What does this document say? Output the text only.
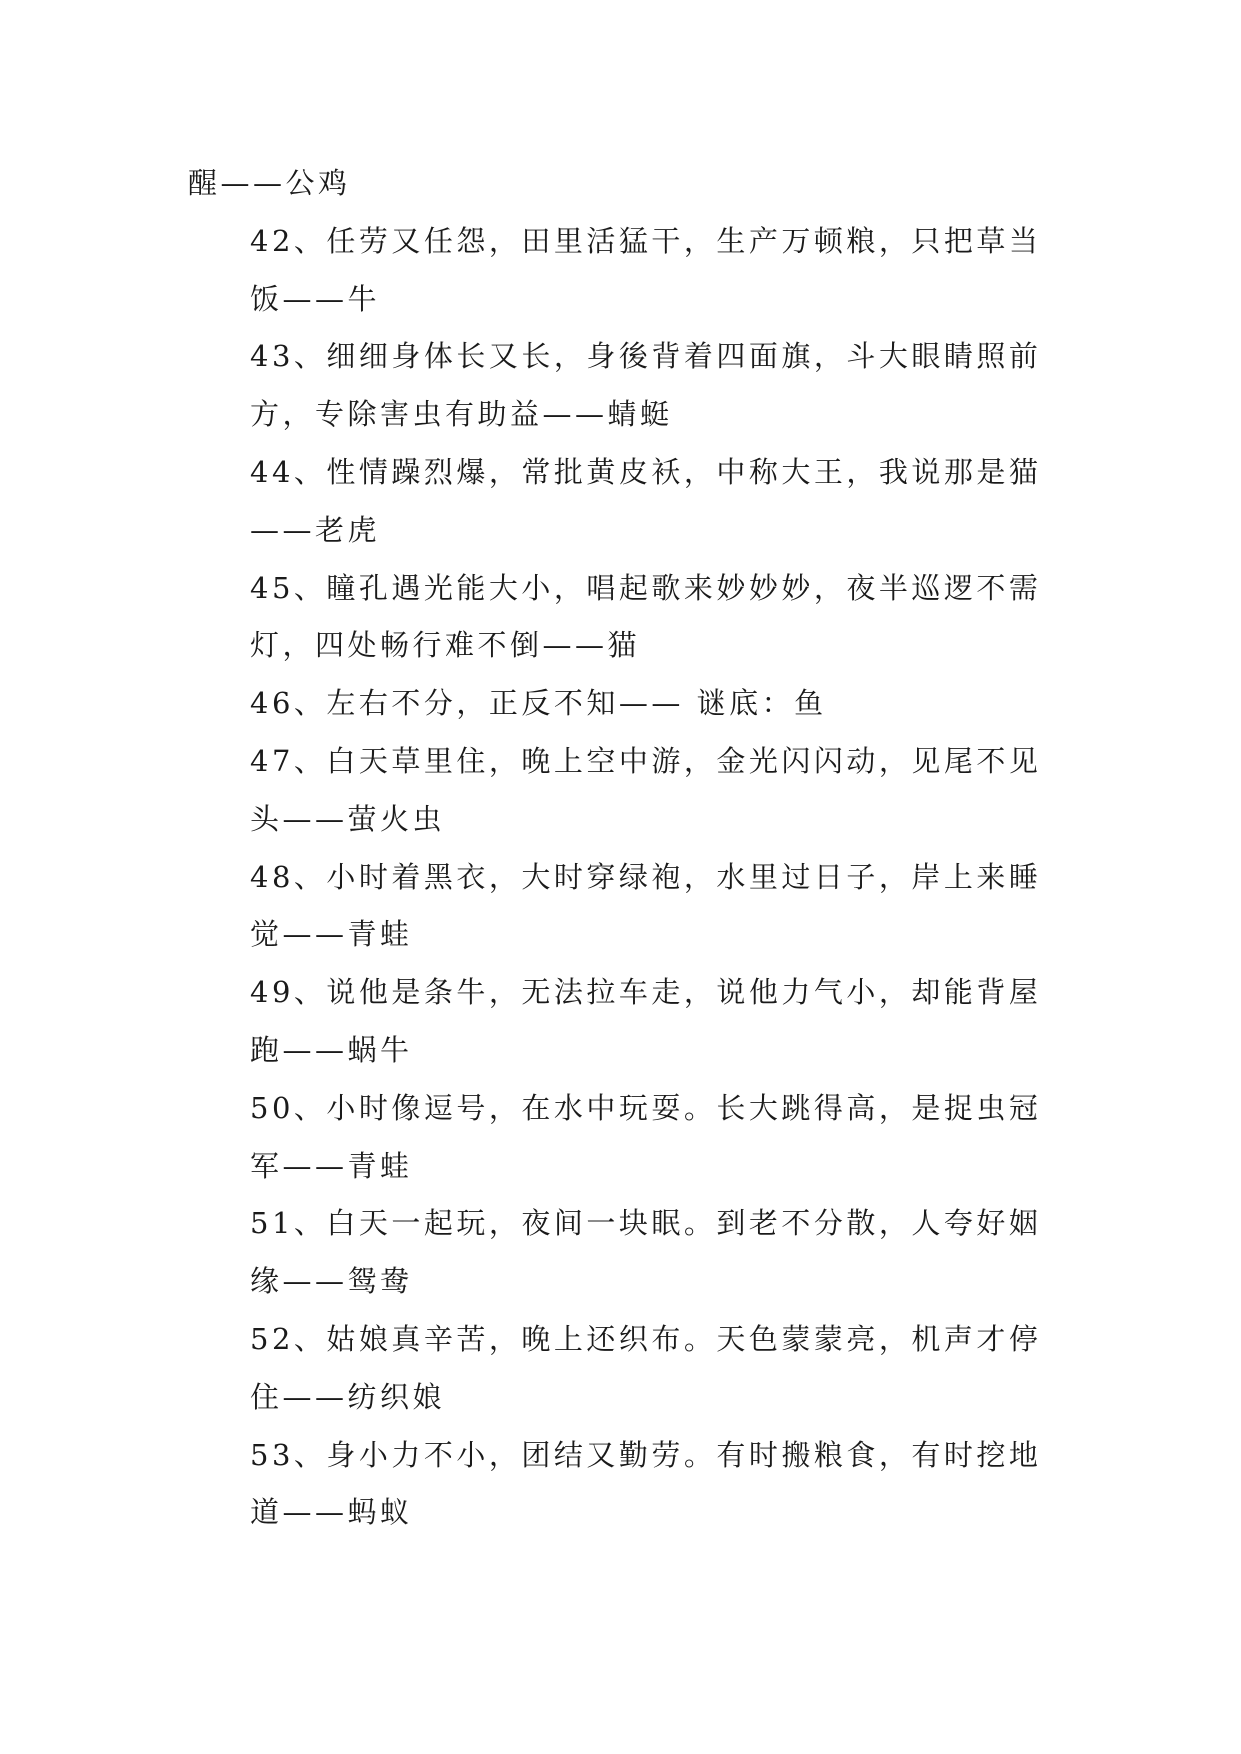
醒——公鸡
42、任劳又任怨，田里活猛干，生产万顿粮，只把草当
饭——牛
43、细细身体长又长，身後背着四面旗，斗大眼睛照前
方，专除害虫有助益——蜻蜓
44、性情躁烈爆，常批黄皮袄，中称大王，我说那是猫
——老虎
45、瞳孔遇光能大小，唱起歌来妙妙妙，夜半巡逻不需
灯，四处畅行难不倒——猫
46、左右不分，正反不知—— 谜底：鱼
47、白天草里住，晚上空中游，金光闪闪动，见尾不见
头——萤火虫
48、小时着黑衣，大时穿绿袍，水里过日子，岸上来睡
觉——青蛙
49、说他是条牛，无法拉车走，说他力气小，却能背屋
跑——蜗牛
50、小时像逗号，在水中玩耍。长大跳得高，是捉虫冠
军——青蛙
51、白天一起玩，夜间一块眠。到老不分散，人夸好姻
缘——鸳鸯
52、姑娘真辛苦，晚上还织布。天色蒙蒙亮，机声才停
住——纺织娘
53、身小力不小，团结又勤劳。有时搬粮食，有时挖地
道——蚂蚁
